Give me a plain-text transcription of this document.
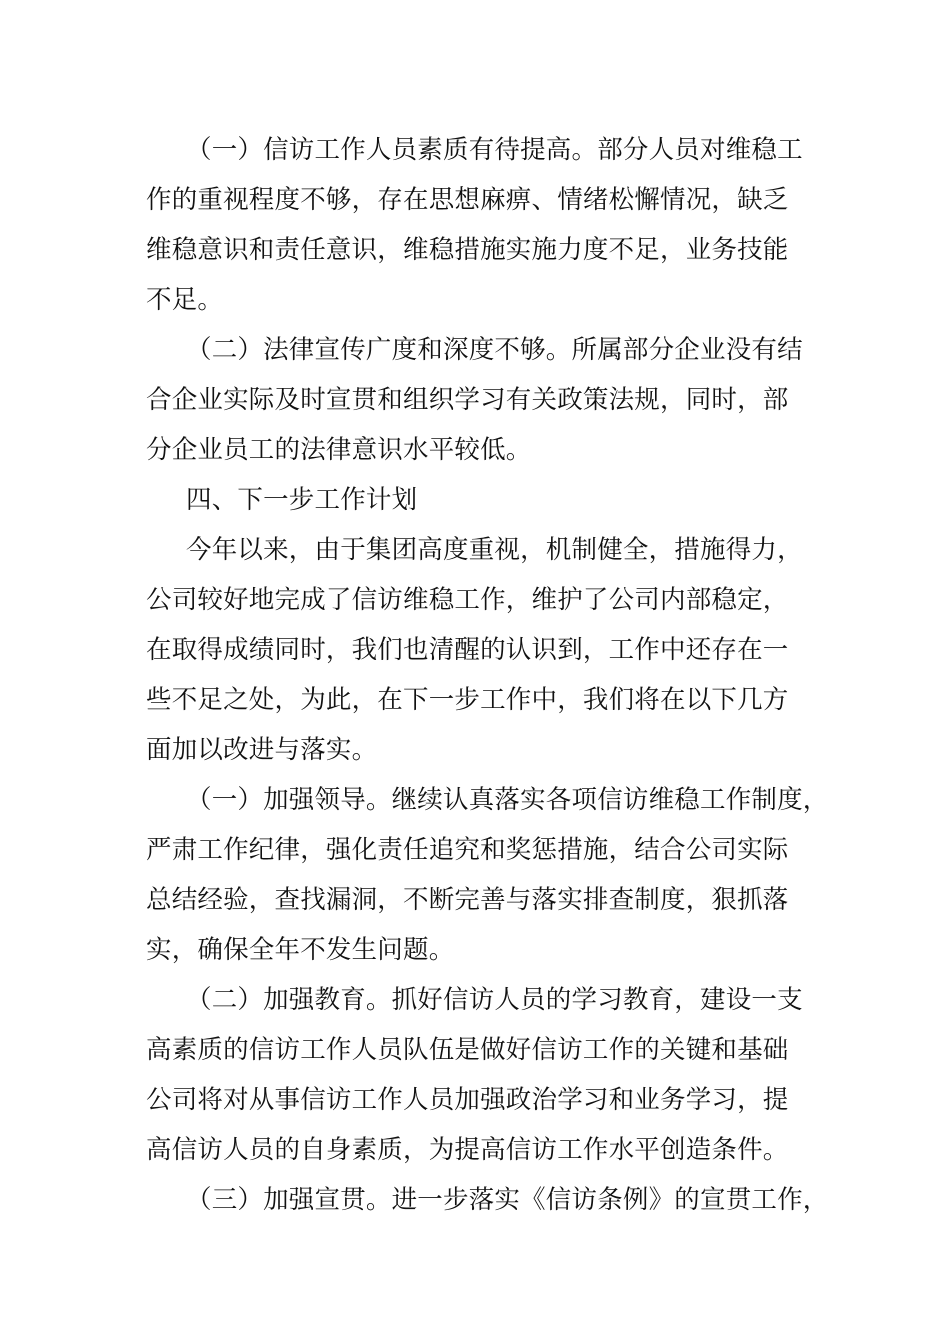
（一）信访工作人员素质有待提高。部分人员对维稳工
作的重视程度不够，存在思想麻痹、情绪松懈情况，缺乏
维稳意识和责任意识，维稳措施实施力度不足，业务技能
不足。
（二）法律宣传广度和深度不够。所属部分企业没有结
合企业实际及时宣贯和组织学习有关政策法规，同时，部
分企业员工的法律意识水平较低。
四、下一步工作计划
今年以来，由于集团高度重视，机制健全，措施得力，
公司较好地完成了信访维稳工作，维护了公司内部稳定，
在取得成绩同时，我们也清醒的认识到，工作中还存在一
些不足之处，为此，在下一步工作中，我们将在以下几方
面加以改进与落实。
（一）加强领导。继续认真落实各项信访维稳工作制度，
严肃工作纪律，强化责任追究和奖惩措施，结合公司实际
总结经验，查找漏洞，不断完善与落实排查制度，狠抓落
实，确保全年不发生问题。
（二）加强教育。抓好信访人员的学习教育，建设一支
高素质的信访工作人员队伍是做好信访工作的关键和基础
公司将对从事信访工作人员加强政治学习和业务学习，提
高信访人员的自身素质，为提高信访工作水平创造条件。
（三）加强宣贯。进一步落实《信访条例》的宣贯工作，
